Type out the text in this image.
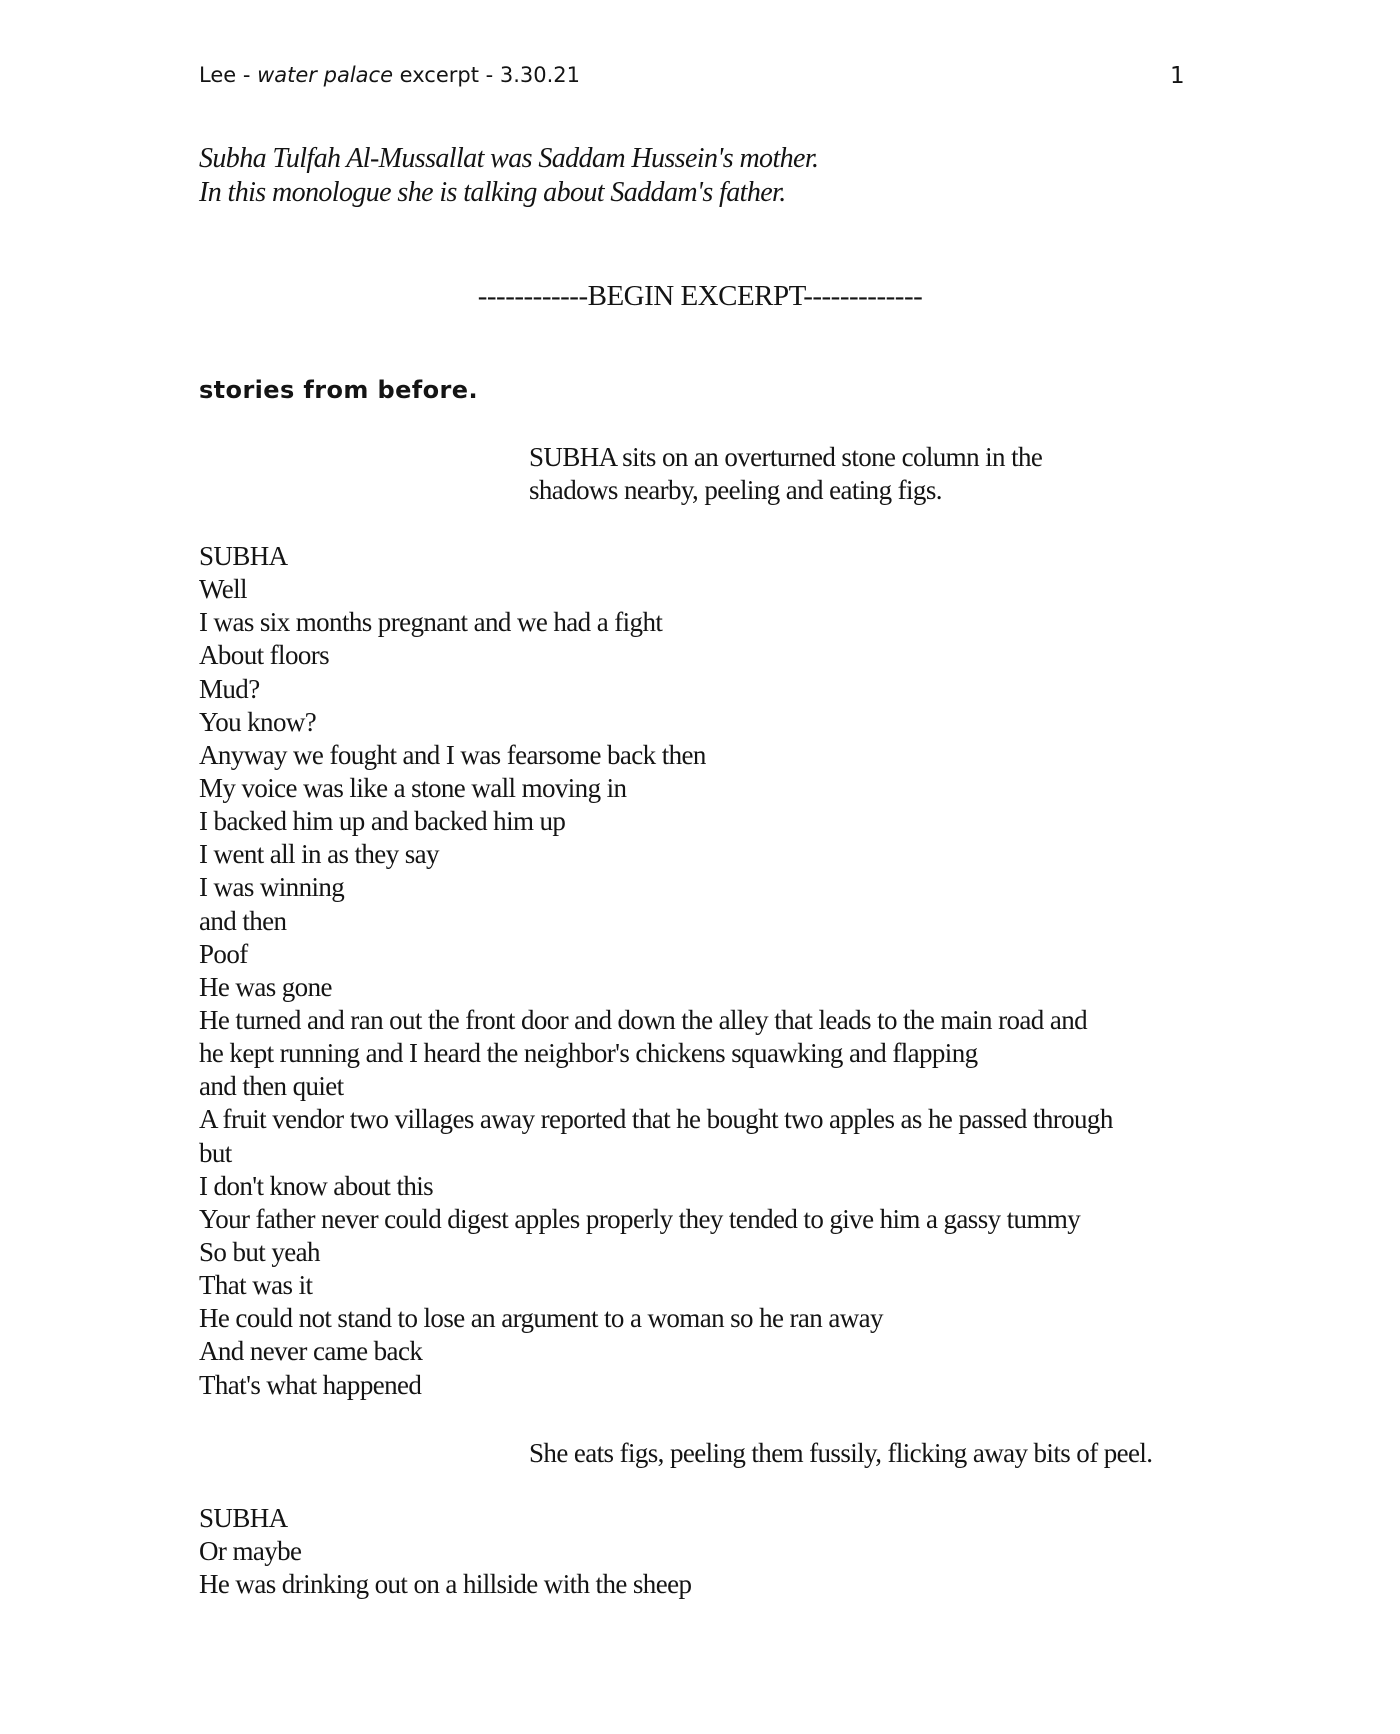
Lee - water palace excerpt - 3.30.21	1
Subha Tulfah Al-Mussallat was Saddam Hussein's mother.
In this monologue she is talking about Saddam's father.
------------BEGIN EXCERPT-------------
stories from before.
SUBHA sits on an overturned stone column in the
shadows nearby, peeling and eating figs.
SUBHA
Well
I was six months pregnant and we had a fight
About floors
Mud?
You know?
Anyway we fought and I was fearsome back then
My voice was like a stone wall moving in
I backed him up and backed him up
I went all in as they say
I was winning
and then
Poof
He was gone
He turned and ran out the front door and down the alley that leads to the main road and
he kept running and I heard the neighbor's chickens squawking and flapping
and then quiet
A fruit vendor two villages away reported that he bought two apples as he passed through
but
I don't know about this
Your father never could digest apples properly they tended to give him a gassy tummy
So but yeah
That was it
He could not stand to lose an argument to a woman so he ran away
And never came back
That's what happened
She eats figs, peeling them fussily, flicking away bits of peel.
SUBHA
Or maybe
He was drinking out on a hillside with the sheep
